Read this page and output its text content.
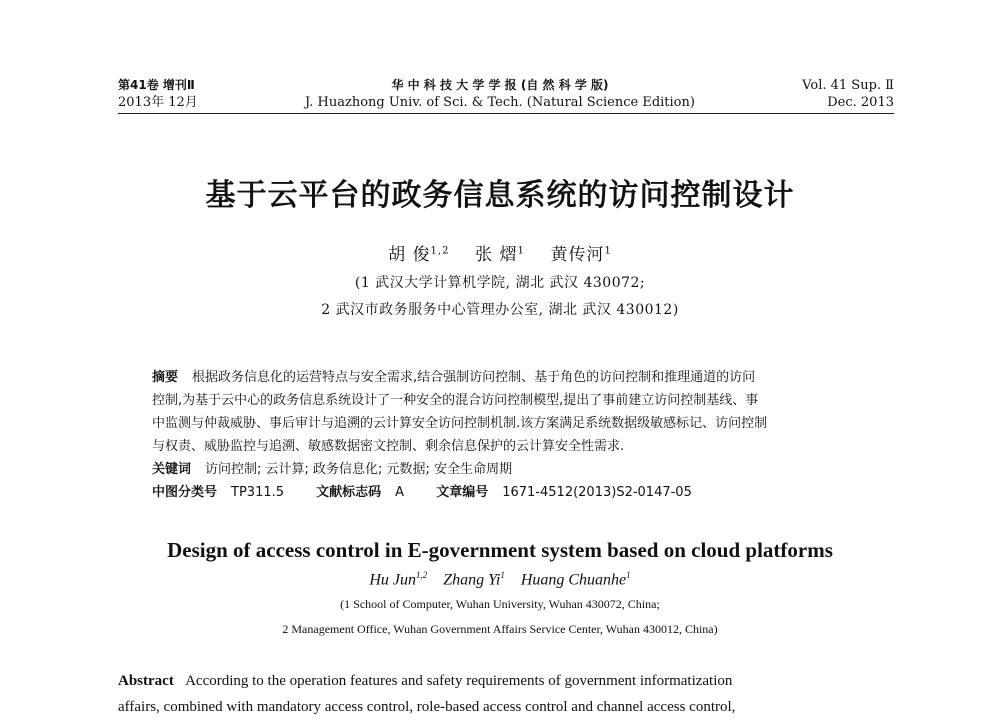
第41卷 增刊Ⅱ
2013年 12月
华 中 科 技 大 学 学 报 (自 然 科 学 版)
J. Huazhong Univ. of Sci. & Tech. (Natural Science Edition)
Vol. 41 Sup. Ⅱ
Dec. 2013
基于云平台的政务信息系统的访问控制设计
胡 俊$^{1,2}$ 张 熠$^1$ 黄传河$^1$
(1 武汉大学计算机学院, 湖北 武汉 430072;
2 武汉市政务服务中心管理办公室, 湖北 武汉 430012)
摘要 根据政务信息化的运营特点与安全需求,结合强制访问控制、基于角色的访问控制和推理通道的访问
控制,为基于云中心的政务信息系统设计了一种安全的混合访问控制模型,提出了事前建立访问控制基线、事
中监测与仲裁威胁、事后审计与追溯的云计算安全访问控制机制.该方案满足系统数据级敏感标记、访问控制
与权责、威胁监控与追溯、敏感数据密文控制、剩余信息保护的云计算安全性需求.
关键词 访问控制; 云计算; 政务信息化; 元数据; 安全生命周期
中图分类号 TP311.5 文献标志码 A 文章编号 1671-4512(2013)S2-0147-05
Design of access control in E-government system based on cloud platforms
Hu Jun$^{1,2}$ Zhang Yi$^1$ Huang Chuanhe$^1$
(1 School of Computer, Wuhan University, Wuhan 430072, China;
2 Management Office, Wuhan Government Affairs Service Center, Wuhan 430012, China)
Abstract According to the operation features and safety requirements of government informatization
affairs, combined with mandatory access control, role-based access control and channel access control,
